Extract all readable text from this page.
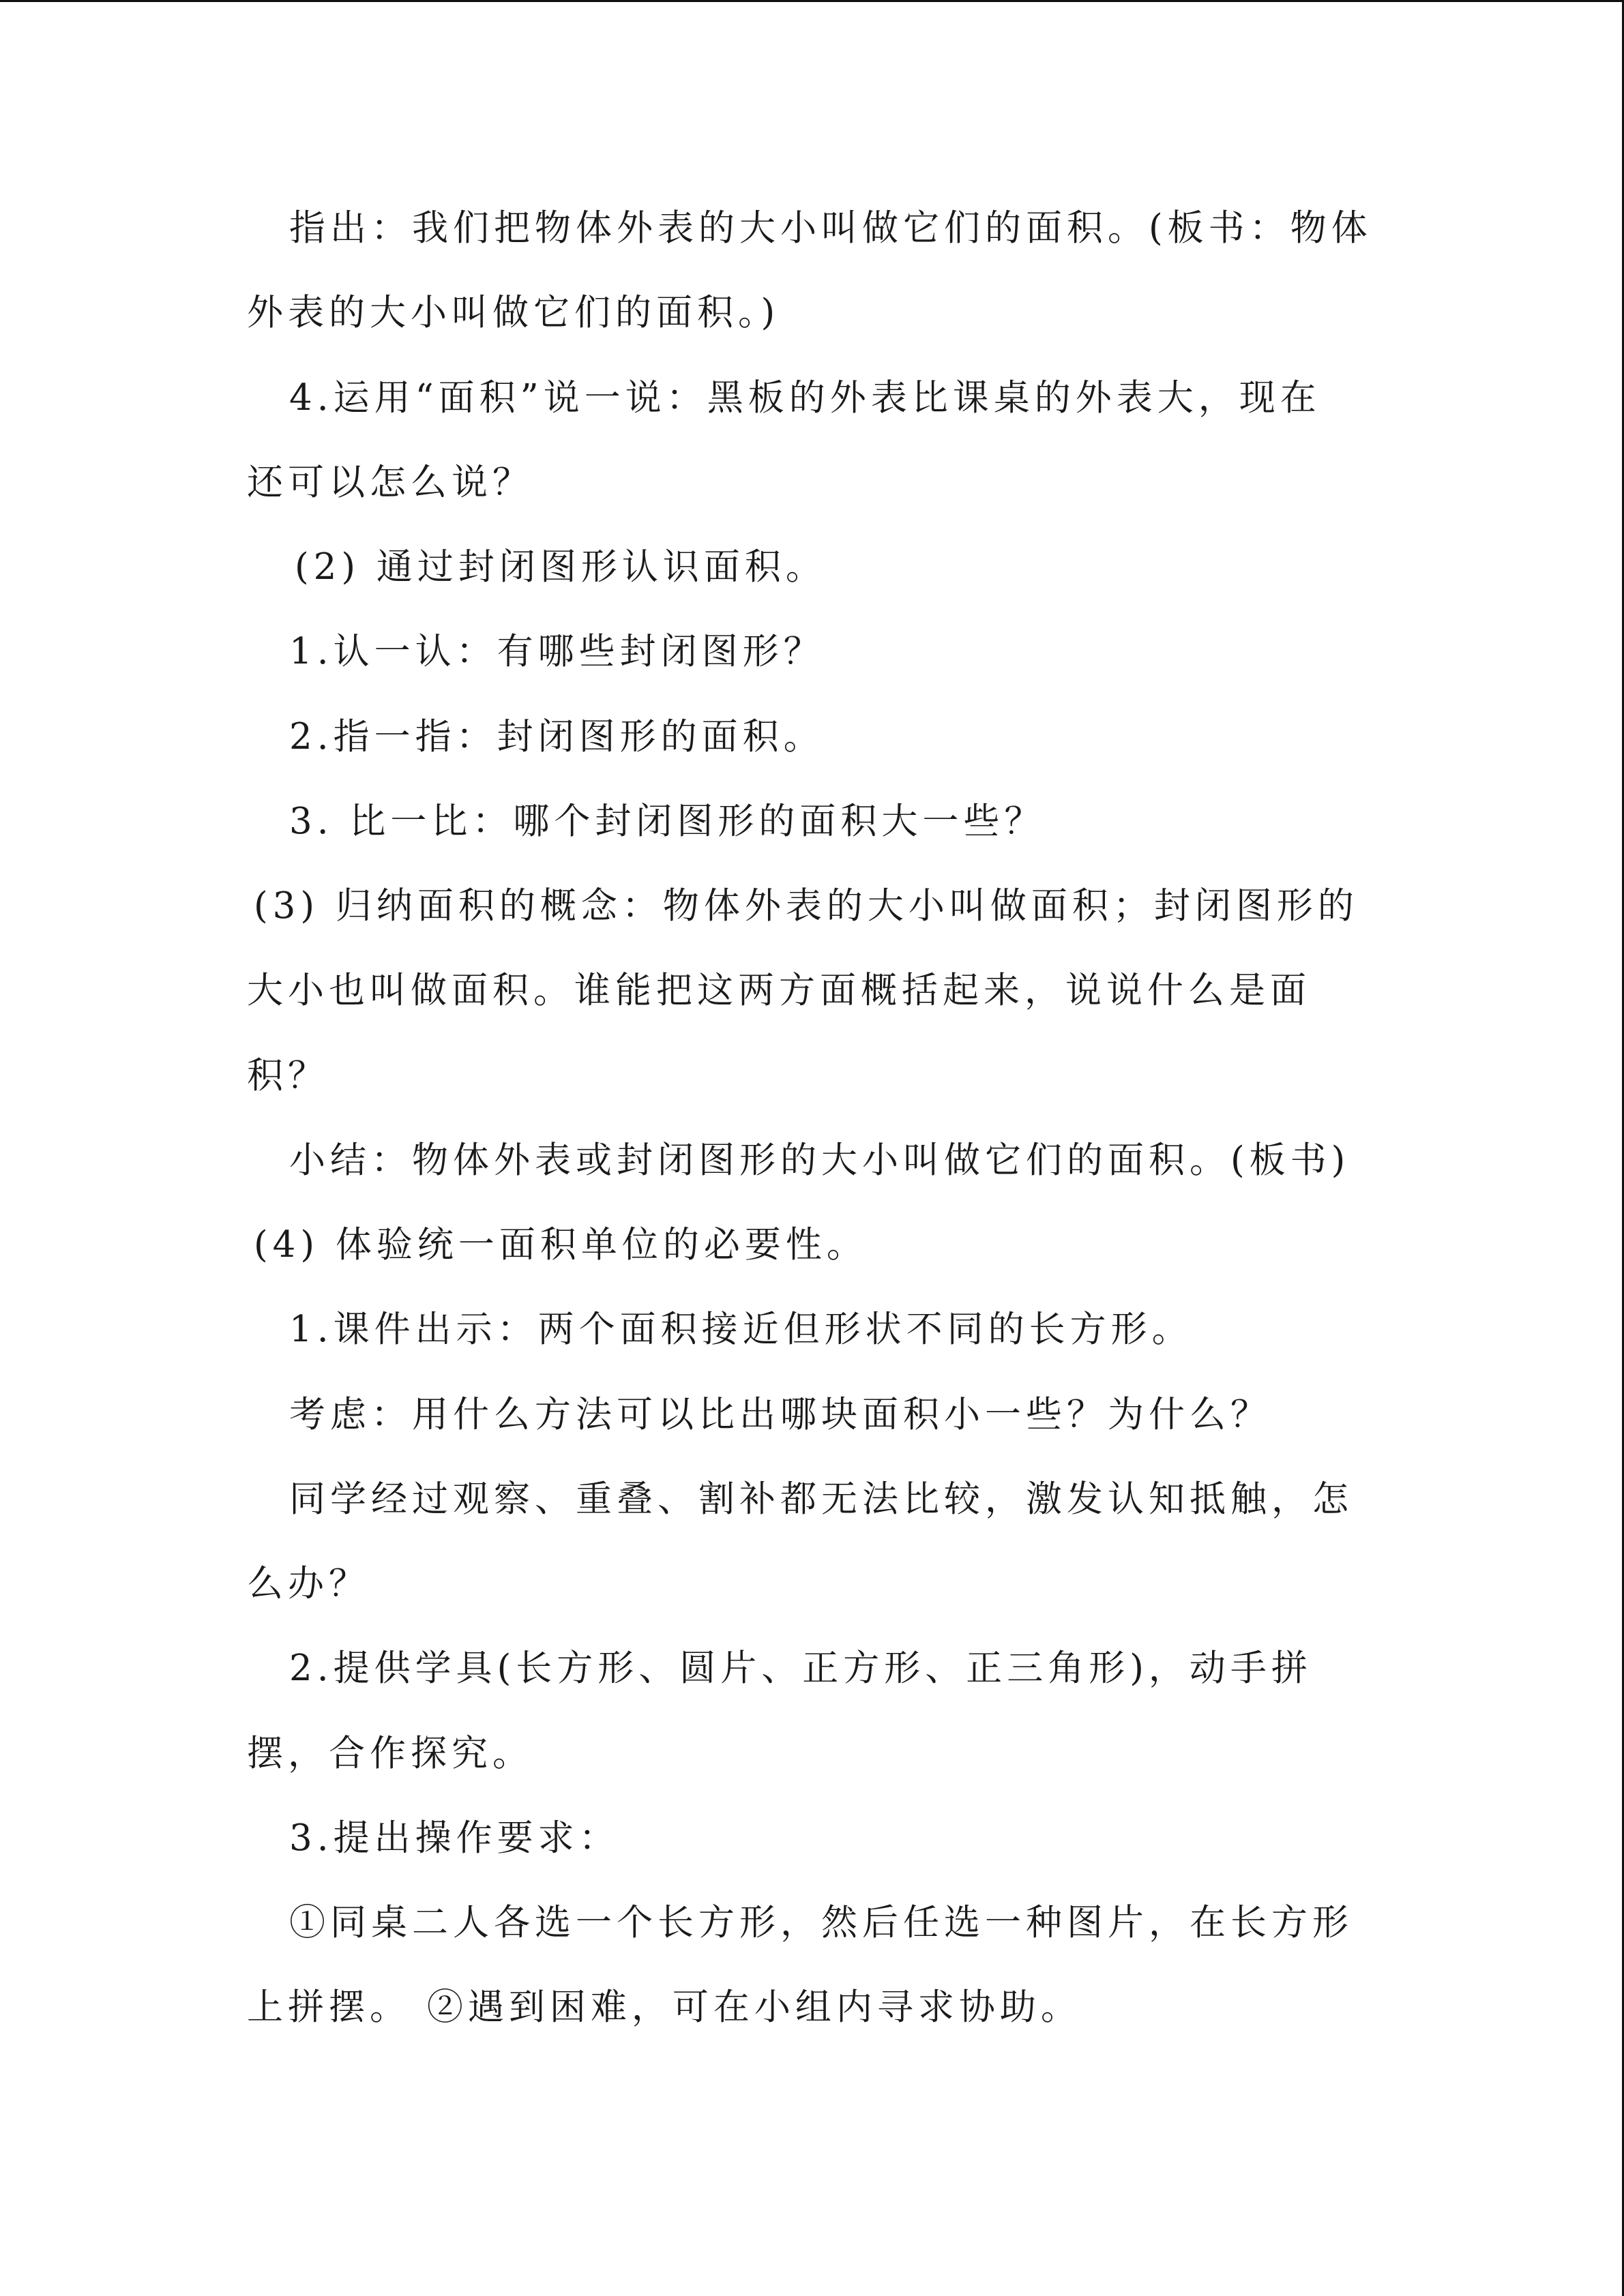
指出：我们把物体外表的大小叫做它们的面积。(板书：物体
外表的大小叫做它们的面积。)
4.运用“面积”说一说：黑板的外表比课桌的外表大，现在
还可以怎么说？
(2) 通过封闭图形认识面积。
1.认一认：有哪些封闭图形？
2.指一指：封闭图形的面积。
3. 比一比：哪个封闭图形的面积大一些？
(3) 归纳面积的概念：物体外表的大小叫做面积；封闭图形的
大小也叫做面积。谁能把这两方面概括起来，说说什么是面
积？
小结：物体外表或封闭图形的大小叫做它们的面积。(板书)
(4) 体验统一面积单位的必要性。
1.课件出示：两个面积接近但形状不同的长方形。
考虑：用什么方法可以比出哪块面积小一些？为什么？
同学经过观察、重叠、割补都无法比较，激发认知抵触，怎
么办？
2.提供学具(长方形、圆片、正方形、正三角形)，动手拼
摆，合作探究。
3.提出操作要求：
①同桌二人各选一个长方形，然后任选一种图片，在长方形
上拼摆。 ②遇到困难，可在小组内寻求协助。
